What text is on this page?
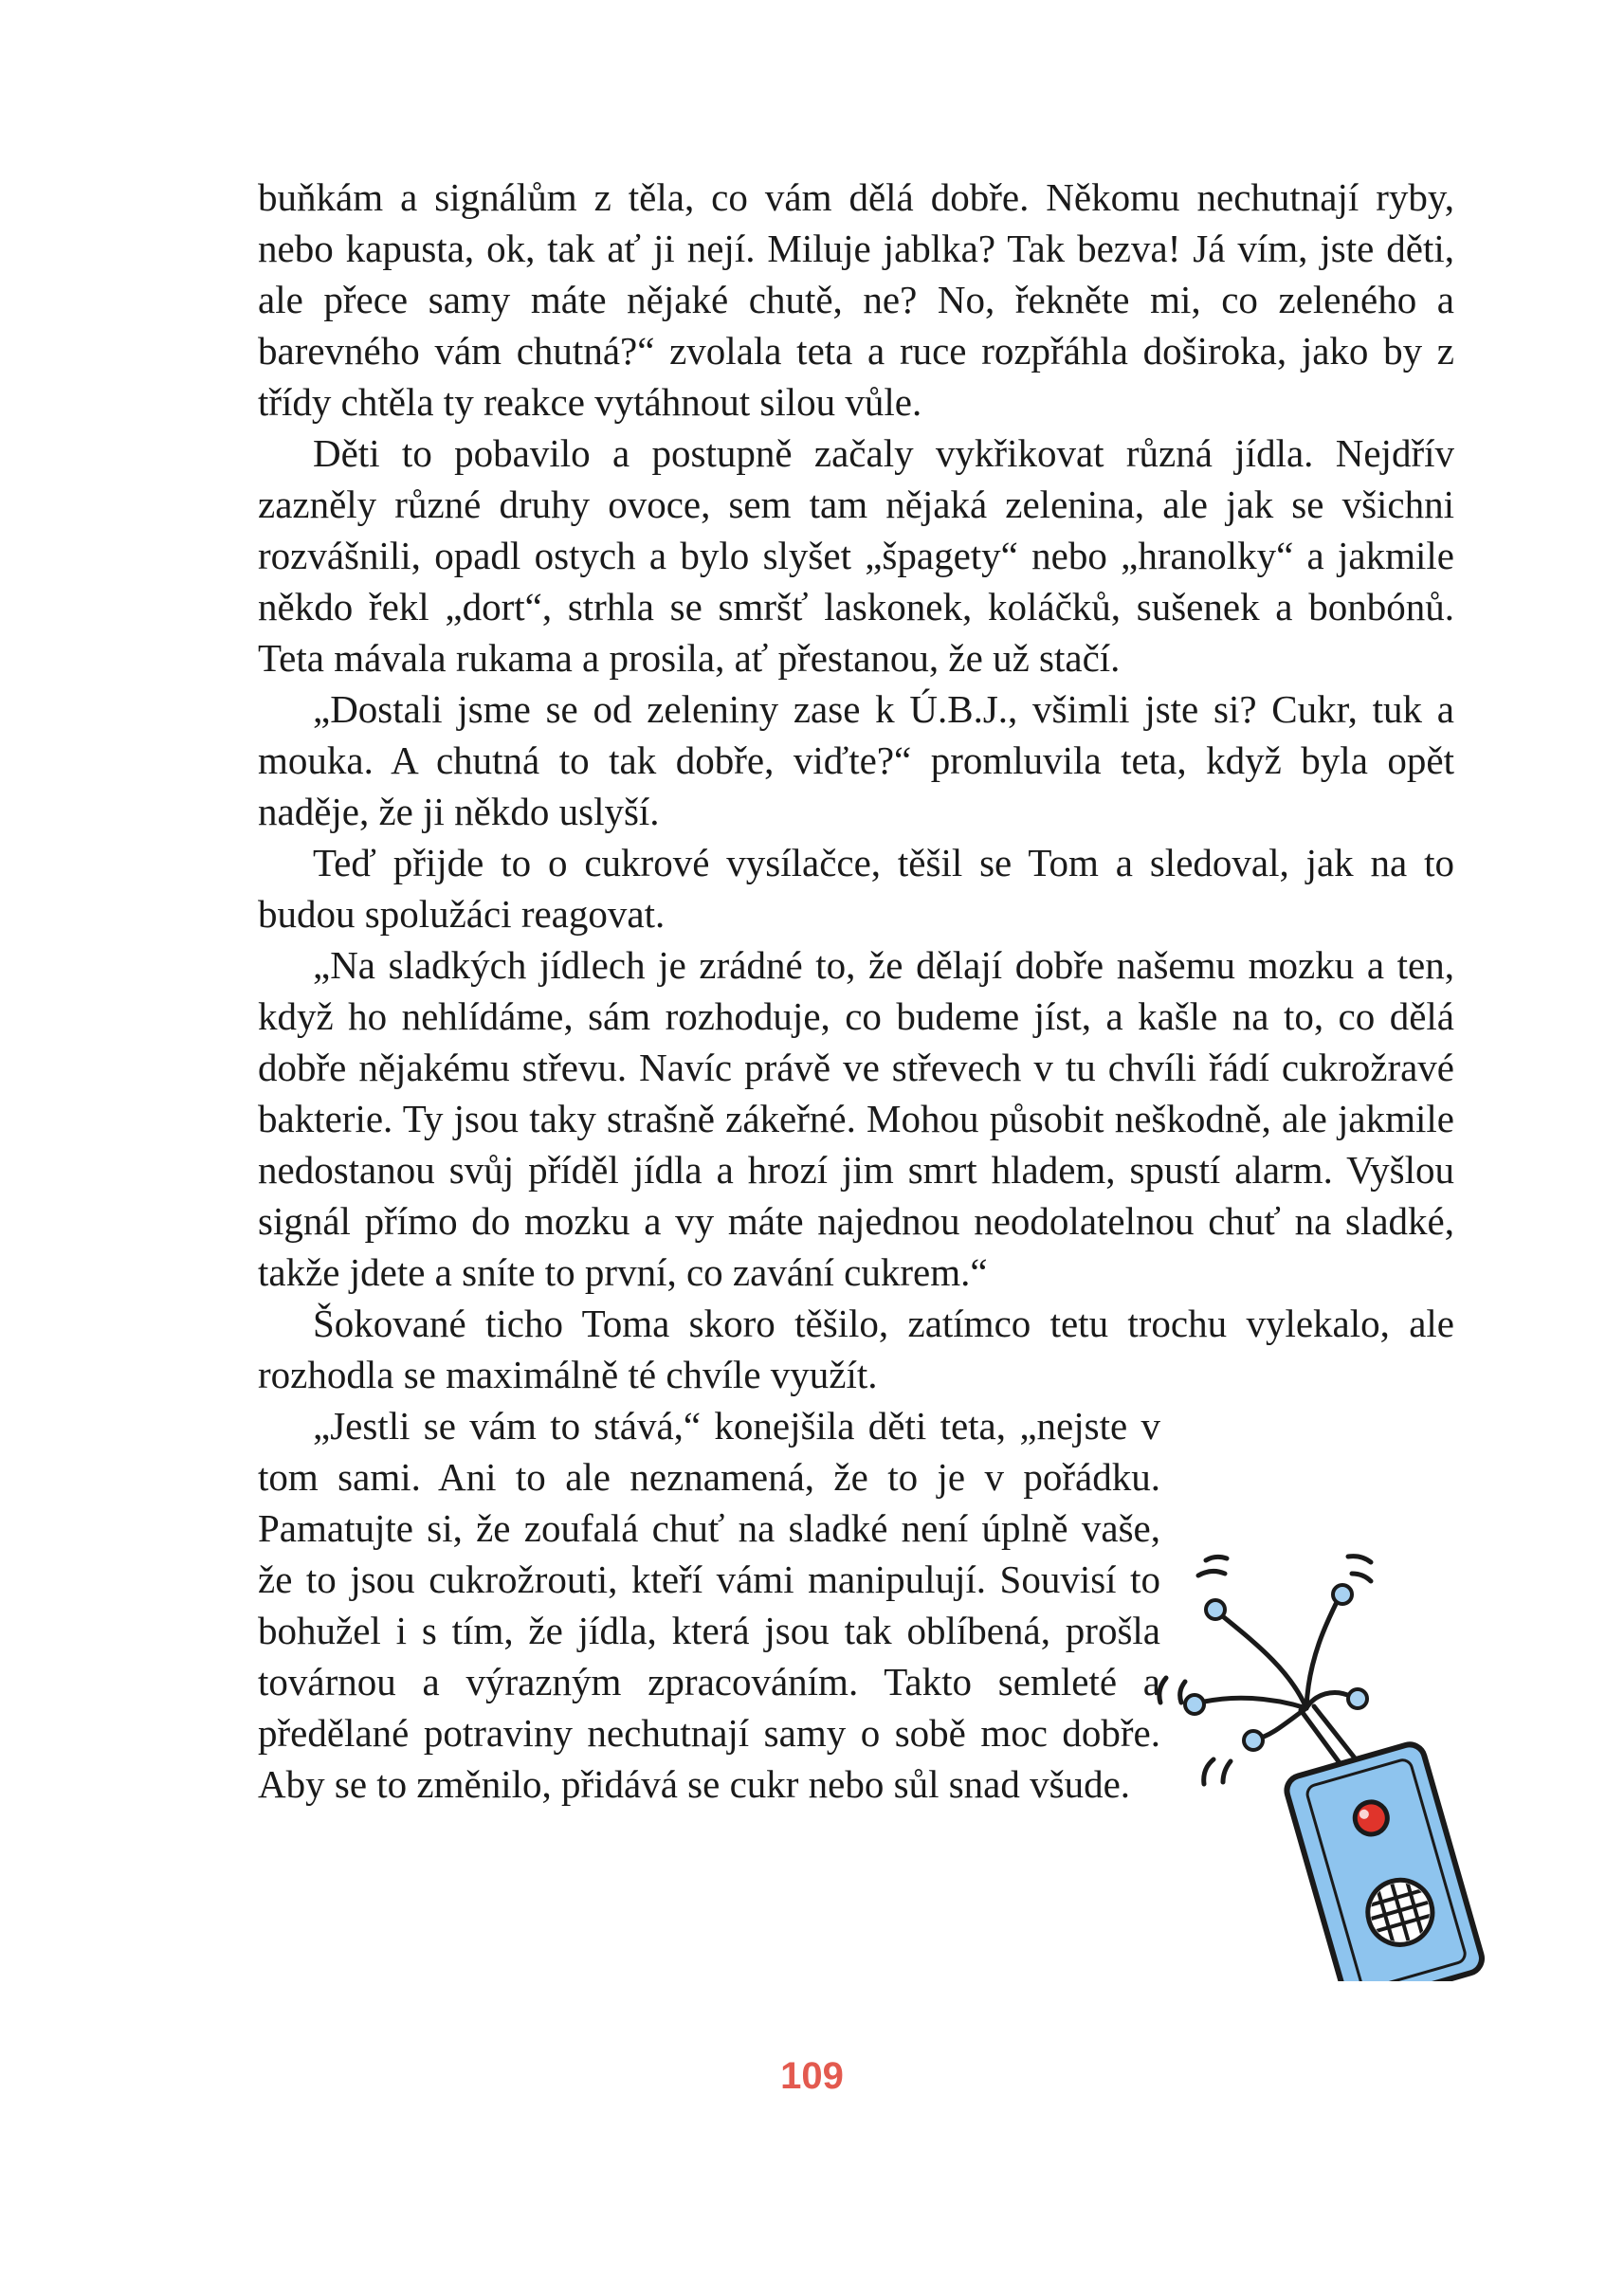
buňkám a signálům z těla, co vám dělá dobře. Někomu nechutnají ryby, nebo kapusta, ok, tak ať ji nejí. Miluje jablka? Tak bezva! Já vím, jste děti, ale přece samy máte nějaké chutě, ne? No, řekněte mi, co zeleného a barevného vám chutná?“ zvolala teta a ruce rozpřáhla doširoka, jako by z třídy chtěla ty reakce vytáhnout silou vůle.

Děti to pobavilo a postupně začaly vykřikovat různá jídla. Nejdřív zazněly různé druhy ovoce, sem tam nějaká zelenina, ale jak se všichni rozvášnili, opadl ostych a bylo slyšet „špagety“ nebo „hranolky“ a jakmile někdo řekl „dort“, strhla se smršť laskonek, koláčků, sušenek a bonbónů. Teta mávala rukama a prosila, ať přestanou, že už stačí.

„Dostali jsme se od zeleniny zase k Ú.B.J., všimli jste si? Cukr, tuk a mouka. A chutná to tak dobře, viďte?“ promluvila teta, když byla opět naděje, že ji někdo uslyší.

Teď přijde to o cukrové vysílačce, těšil se Tom a sledoval, jak na to budou spolužáci reagovat.

„Na sladkých jídlech je zrádné to, že dělají dobře našemu mozku a ten, když ho nehlídáme, sám rozhoduje, co budeme jíst, a kašle na to, co dělá dobře nějakému střevu. Navíc právě ve střevech v tu chvíli řádí cukrožravé bakterie. Ty jsou taky strašně zákeřné. Mohou působit neškodně, ale jakmile nedostanou svůj příděl jídla a hrozí jim smrt hladem, spustí alarm. Vyšlou signál přímo do mozku a vy máte najednou neodolatelnou chuť na sladké, takže jdete a sníte to první, co zavání cukrem.“

Šokované ticho Toma skoro těšilo, zatímco tetu trochu vylekalo, ale rozhodla se maximálně té chvíle využít.

„Jestli se vám to stává,“ konejšila děti teta, „nejste v tom sami. Ani to ale neznamená, že to je v pořádku. Pamatujte si, že zoufalá chuť na sladké není úplně vaše, že to jsou cukrožrouti, kteří vámi manipulují. Souvisí to bohužel i s tím, že jídla, která jsou tak oblíbená, prošla továrnou a výrazným zpracováním. Takto semleté a předělané potraviny nechutnají samy o sobě moc dobře. Aby se to změnilo, přidává se cukr nebo sůl snad všude.

109
